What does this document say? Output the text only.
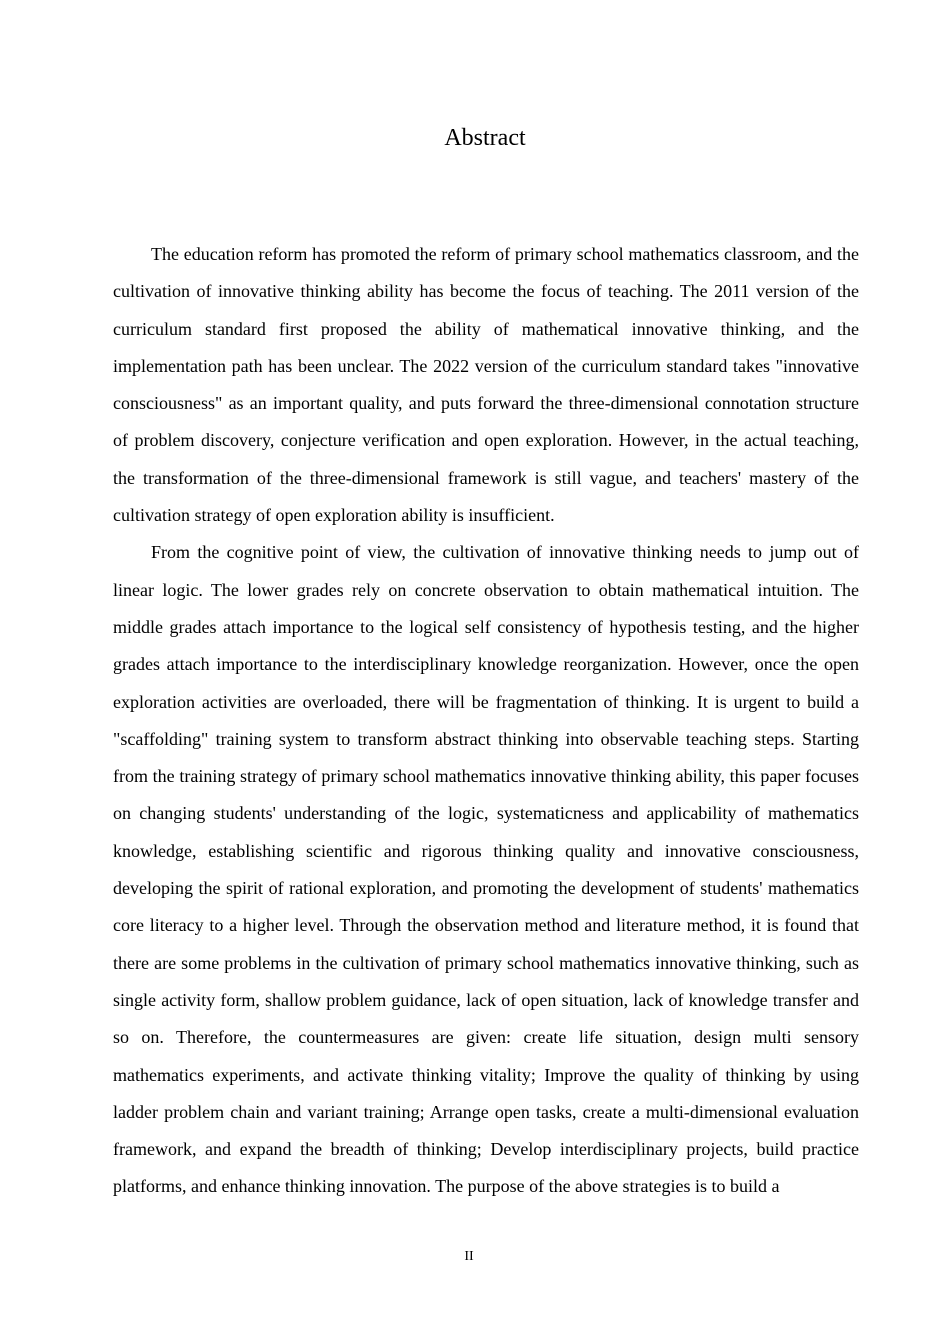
Abstract

The education reform has promoted the reform of primary school mathematics classroom, and the cultivation of innovative thinking ability has become the focus of teaching. The 2011 version of the curriculum standard first proposed the ability of mathematical innovative thinking, and the implementation path has been unclear. The 2022 version of the curriculum standard takes "innovative consciousness" as an important quality, and puts forward the three-dimensional connotation structure of problem discovery, conjecture verification and open exploration. However, in the actual teaching, the transformation of the three-dimensional framework is still vague, and teachers' mastery of the cultivation strategy of open exploration ability is insufficient.

From the cognitive point of view, the cultivation of innovative thinking needs to jump out of linear logic. The lower grades rely on concrete observation to obtain mathematical intuition. The middle grades attach importance to the logical self consistency of hypothesis testing, and the higher grades attach importance to the interdisciplinary knowledge reorganization. However, once the open exploration activities are overloaded, there will be fragmentation of thinking. It is urgent to build a "scaffolding" training system to transform abstract thinking into observable teaching steps. Starting from the training strategy of primary school mathematics innovative thinking ability, this paper focuses on changing students' understanding of the logic, systematicness and applicability of mathematics knowledge, establishing scientific and rigorous thinking quality and innovative consciousness, developing the spirit of rational exploration, and promoting the development of students' mathematics core literacy to a higher level. Through the observation method and literature method, it is found that there are some problems in the cultivation of primary school mathematics innovative thinking, such as single activity form, shallow problem guidance, lack of open situation, lack of knowledge transfer and so on. Therefore, the countermeasures are given: create life situation, design multi sensory mathematics experiments, and activate thinking vitality; Improve the quality of thinking by using ladder problem chain and variant training; Arrange open tasks, create a multi-dimensional evaluation framework, and expand the breadth of thinking; Develop interdisciplinary projects, build practice platforms, and enhance thinking innovation. The purpose of the above strategies is to build a

II
